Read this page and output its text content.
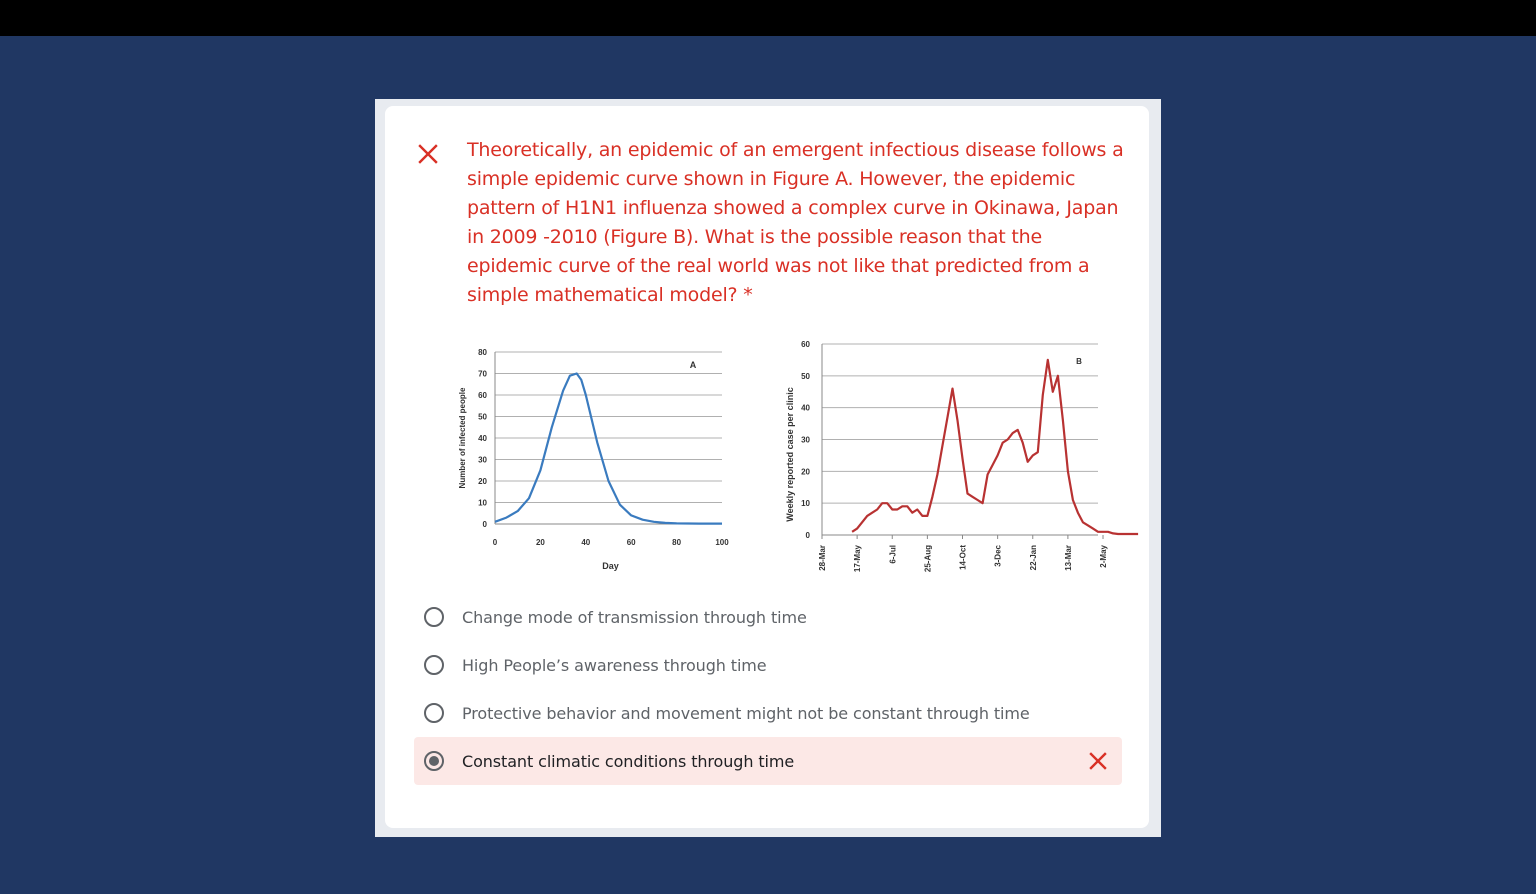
Theoretically, an epidemic of an emergent infectious disease follows a simple epidemic curve shown in Figure A. However, the epidemic pattern of H1N1 influenza showed a complex curve in Okinawa, Japan in 2009 -2010 (Figure B). What is the possible reason that the epidemic curve of the real world was not like that predicted from a simple mathematical model? *
0
10
20
30
40
50
60
70
80
0	20	40	60	80	100
Day
Number of infected people
A
0
10
20
30
40
50
60
28-Mar	17-May	6-Jul	25-Aug	14-Oct	3-Dec	22-Jan	13-Mar	2-May
Weekly reported case per clinic
B
Change mode of transmission through time
High People’s awareness through time
Protective behavior and movement might not be constant through time
Constant climatic conditions through time
